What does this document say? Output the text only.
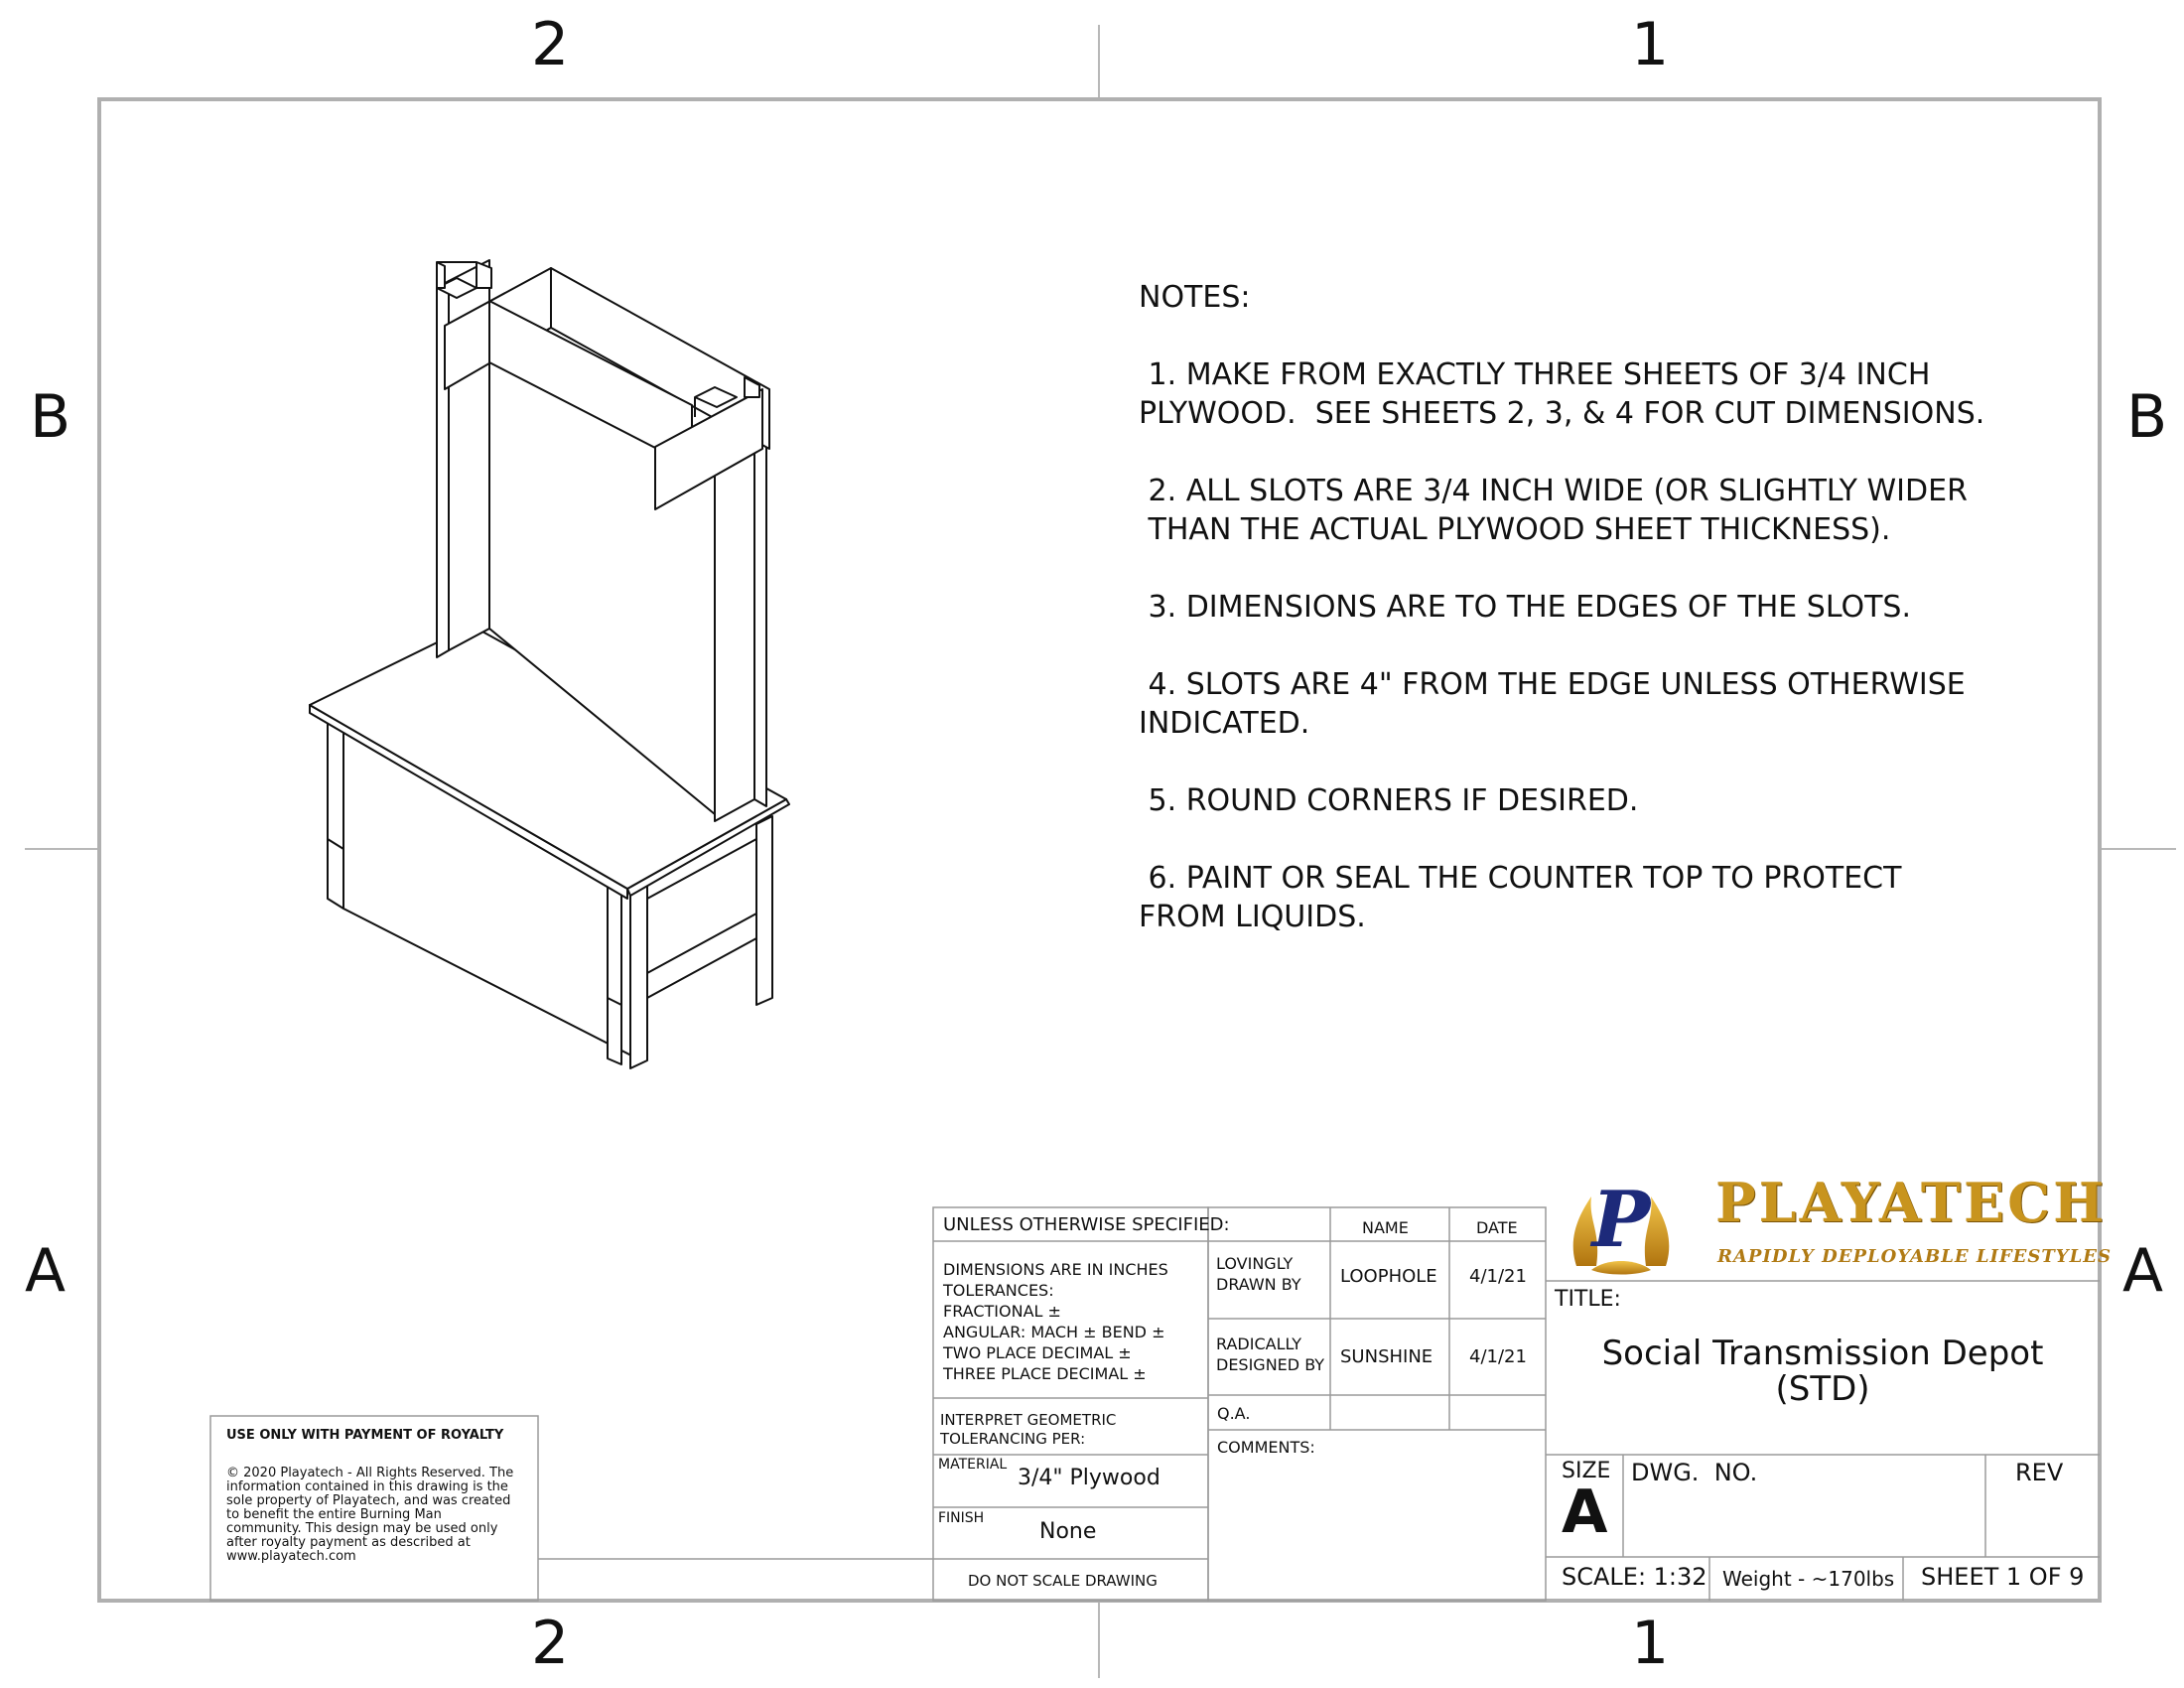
2	1
2	1
B
A
B
A
NOTES:
1. MAKE FROM EXACTLY THREE SHEETS OF 3/4 INCH
PLYWOOD.  SEE SHEETS 2, 3, & 4 FOR CUT DIMENSIONS.
2. ALL SLOTS ARE 3/4 INCH WIDE (OR SLIGHTLY WIDER
THAN THE ACTUAL PLYWOOD SHEET THICKNESS).
3. DIMENSIONS ARE TO THE EDGES OF THE SLOTS.
4. SLOTS ARE 4" FROM THE EDGE UNLESS OTHERWISE
INDICATED.
5. ROUND CORNERS IF DESIRED.
6. PAINT OR SEAL THE COUNTER TOP TO PROTECT
FROM LIQUIDS.
USE ONLY WITH PAYMENT OF ROYALTY
© 2020 Playatech - All Rights Reserved. The
information contained in this drawing is the
sole property of Playatech, and was created
to benefit the entire Burning Man
community. This design may be used only
after royalty payment as described at
www.playatech.com
UNLESS OTHERWISE SPECIFIED:
DIMENSIONS ARE IN INCHES
TOLERANCES:
FRACTIONAL ±
ANGULAR: MACH ± BEND ±
TWO PLACE DECIMAL ±
THREE PLACE DECIMAL ±
INTERPRET GEOMETRIC
TOLERANCING PER:
MATERIAL
3/4" Plywood
FINISH
None
DO NOT SCALE DRAWING
NAME	DATE
LOVINGLY
DRAWN BY LOOPHOLE 4/1/21
RADICALLY
DESIGNED BY SUNSHINE 4/1/21
Q.A.
COMMENTS:
P PLAYATECH
RAPIDLY DEPLOYABLE LIFESTYLES
TITLE:
Social Transmission Depot
(STD)
SIZE
A
DWG.  NO.	REV
SCALE: 1:32 Weight - ~170lbs SHEET 1 OF 9
